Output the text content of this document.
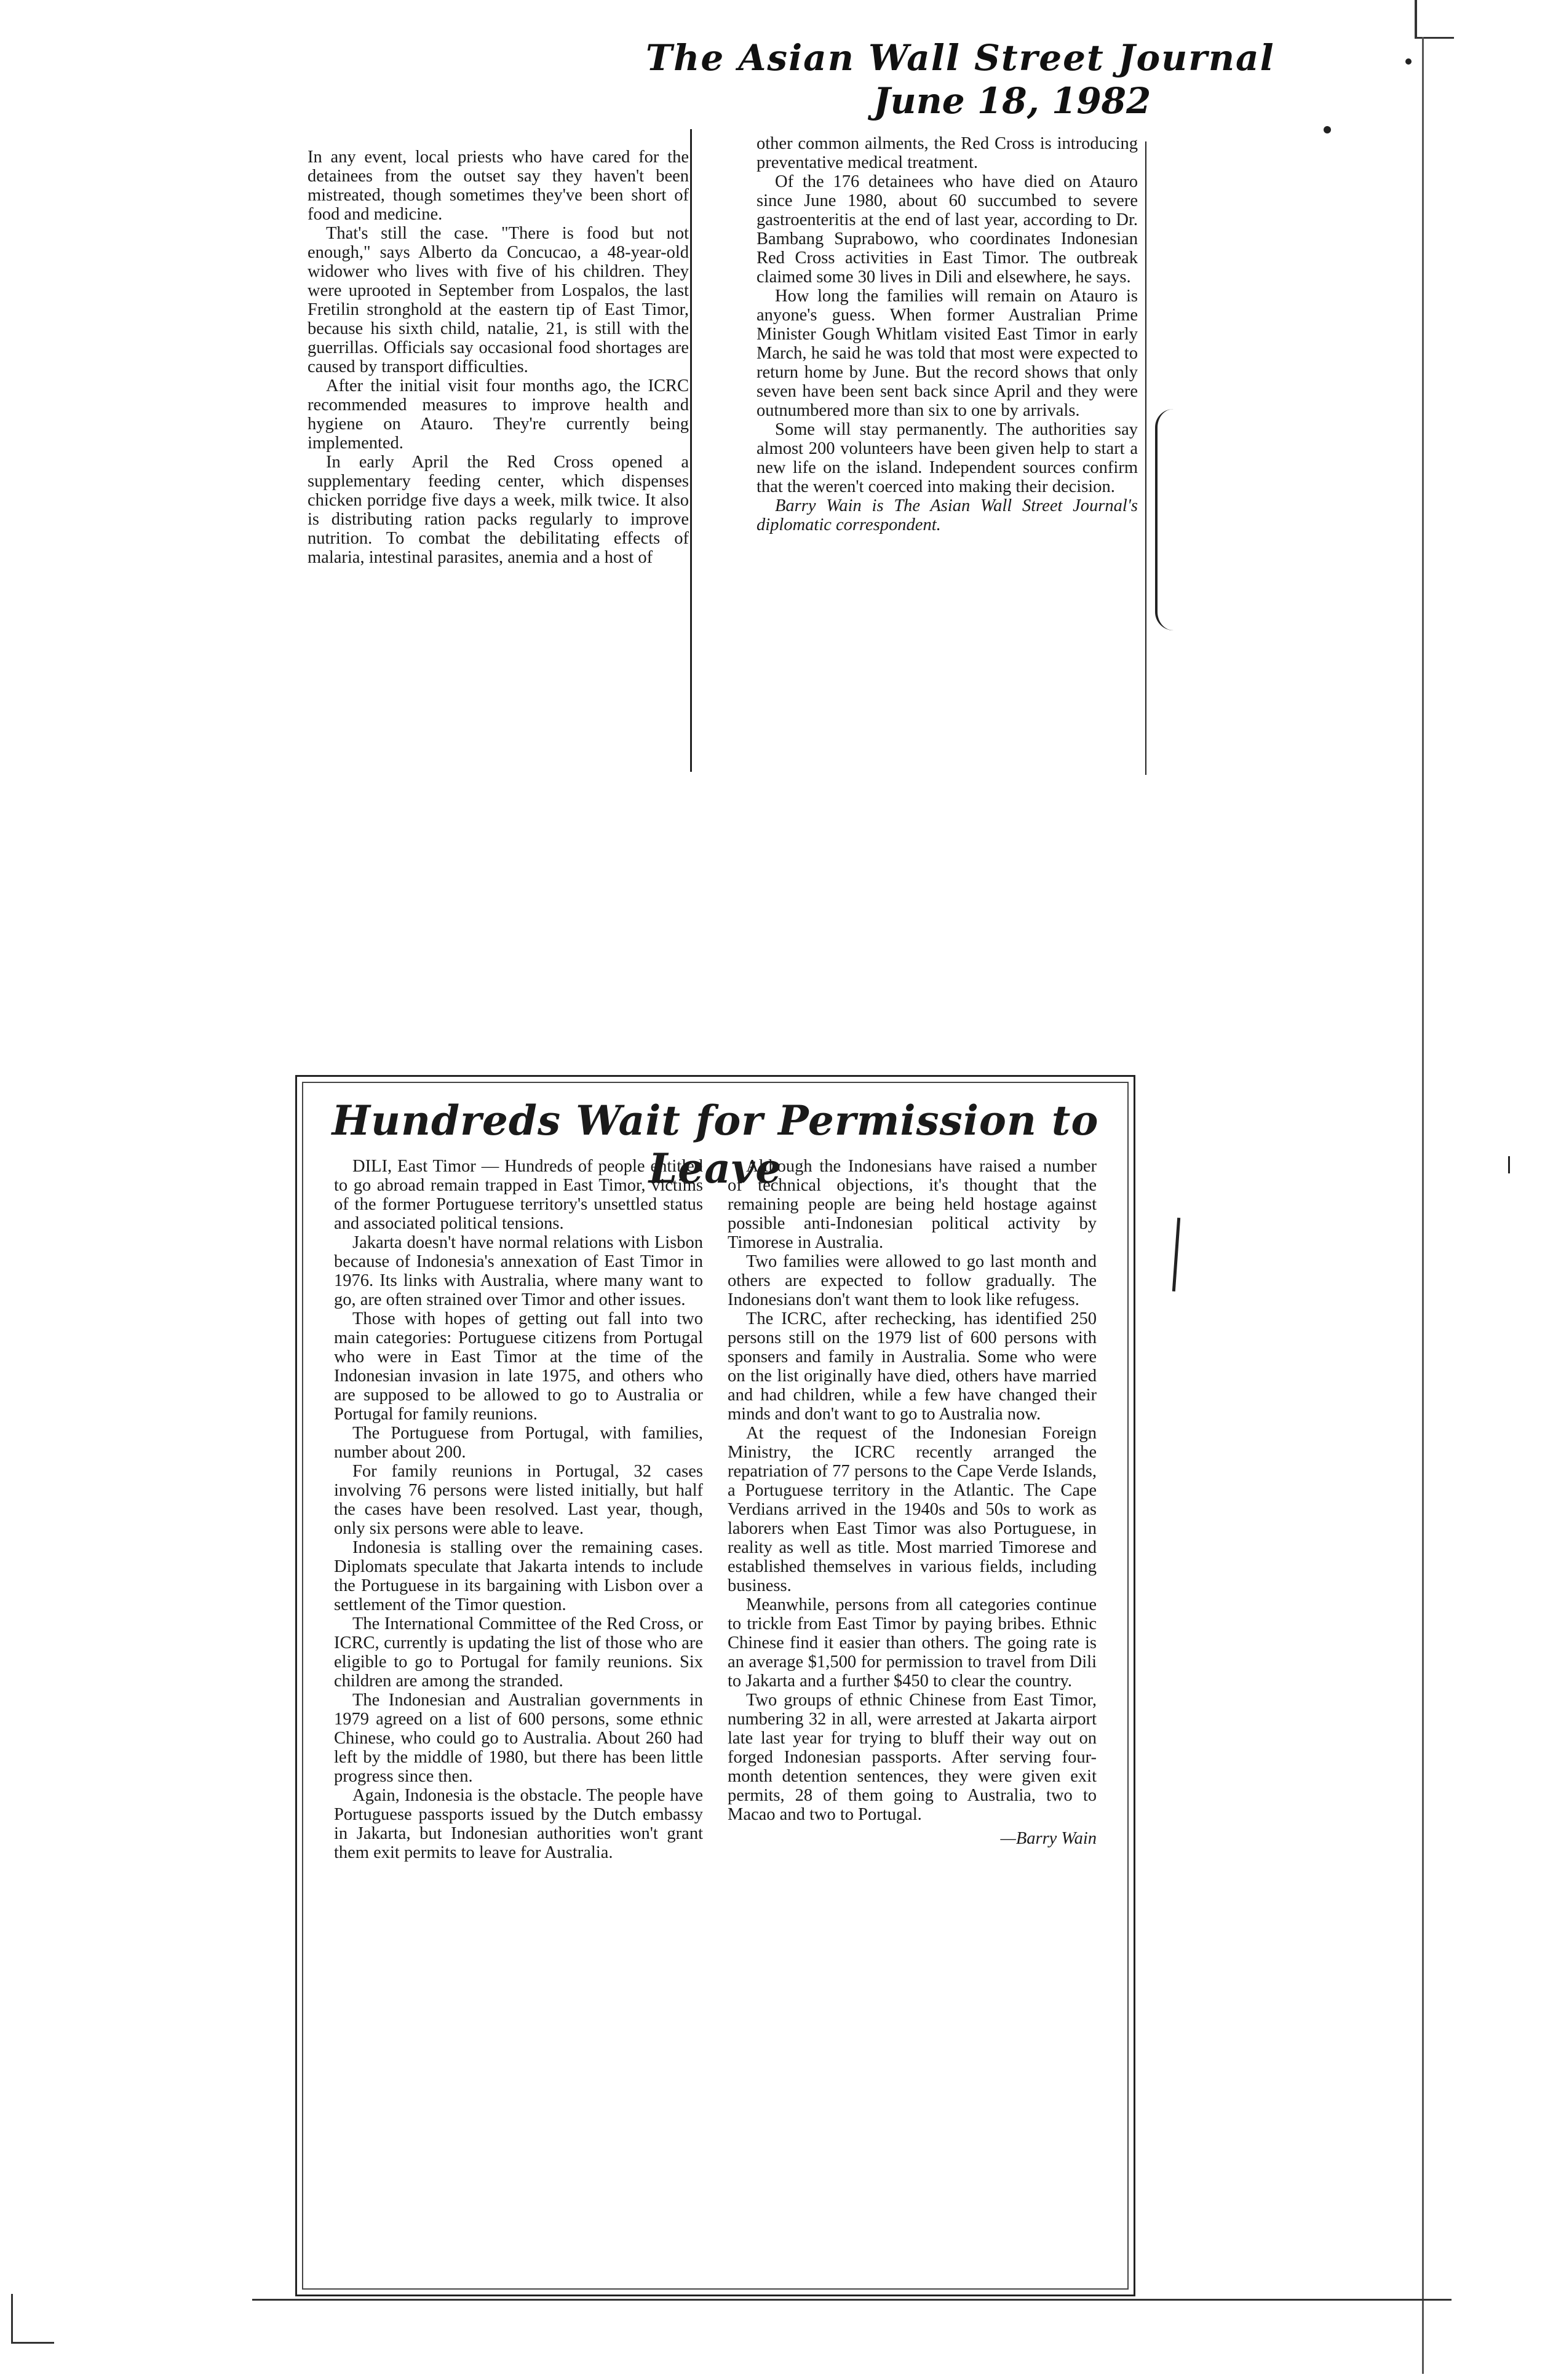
The Asian Wall Street Journal
June 18, 1982

In any event, local priests who have cared for the detainees from the outset say they haven't been mistreated, though sometimes they've been short of food and medicine.

That's still the case. "There is food but not enough," says Alberto da Concucao, a 48-year-old widower who lives with five of his children. They were uprooted in September from Lospalos, the last Fretilin stronghold at the eastern tip of East Timor, because his sixth child, natalie, 21, is still with the guerrillas. Officials say occasional food shortages are caused by transport difficulties.

After the initial visit four months ago, the ICRC recommended measures to improve health and hygiene on Atauro. They're currently being implemented.

In early April the Red Cross opened a supplementary feeding center, which dispenses chicken porridge five days a week, milk twice. It also is distributing ration packs regularly to improve nutrition. To combat the debilitating effects of malaria, intestinal parasites, anemia and a host of

other common ailments, the Red Cross is introducing preventative medical treatment.

Of the 176 detainees who have died on Atauro since June 1980, about 60 succumbed to severe gastroenteritis at the end of last year, according to Dr. Bambang Suprabowo, who coordinates Indonesian Red Cross activities in East Timor. The outbreak claimed some 30 lives in Dili and elsewhere, he says.

How long the families will remain on Atauro is anyone's guess. When former Australian Prime Minister Gough Whitlam visited East Timor in early March, he said he was told that most were expected to return home by June. But the record shows that only seven have been sent back since April and they were outnumbered more than six to one by arrivals.

Some will stay permanently. The authorities say almost 200 volunteers have been given help to start a new life on the island. Independent sources confirm that the weren't coerced into making their decision.

Barry Wain is The Asian Wall Street Journal's diplomatic correspondent.

Hundreds Wait for Permission to Leave

DILI, East Timor — Hundreds of people entitled to go abroad remain trapped in East Timor, victims of the former Portuguese territory's unsettled status and associated political tensions.

Jakarta doesn't have normal relations with Lisbon because of Indonesia's annexation of East Timor in 1976. Its links with Australia, where many want to go, are often strained over Timor and other issues.

Those with hopes of getting out fall into two main categories: Portuguese citizens from Portugal who were in East Timor at the time of the Indonesian invasion in late 1975, and others who are supposed to be allowed to go to Australia or Portugal for family reunions.

The Portuguese from Portugal, with families, number about 200.

For family reunions in Portugal, 32 cases involving 76 persons were listed initially, but half the cases have been resolved. Last year, though, only six persons were able to leave.

Indonesia is stalling over the remaining cases. Diplomats speculate that Jakarta intends to include the Portuguese in its bargaining with Lisbon over a settlement of the Timor question.

The International Committee of the Red Cross, or ICRC, currently is updating the list of those who are eligible to go to Portugal for family reunions. Six children are among the stranded.

The Indonesian and Australian governments in 1979 agreed on a list of 600 persons, some ethnic Chinese, who could go to Australia. About 260 had left by the middle of 1980, but there has been little progress since then.

Again, Indonesia is the obstacle. The people have Portuguese passports issued by the Dutch embassy in Jakarta, but Indonesian authorities won't grant them exit permits to leave for Australia.

Although the Indonesians have raised a number of technical objections, it's thought that the remaining people are being held hostage against possible anti-Indonesian political activity by Timorese in Australia.

Two families were allowed to go last month and others are expected to follow gradually. The Indonesians don't want them to look like refugess.

The ICRC, after rechecking, has identified 250 persons still on the 1979 list of 600 persons with sponsers and family in Australia. Some who were on the list originally have died, others have married and had children, while a few have changed their minds and don't want to go to Australia now.

At the request of the Indonesian Foreign Ministry, the ICRC recently arranged the repatriation of 77 persons to the Cape Verde Islands, a Portuguese territory in the Atlantic. The Cape Verdians arrived in the 1940s and 50s to work as laborers when East Timor was also Portuguese, in reality as well as title. Most married Timorese and established themselves in various fields, including business.

Meanwhile, persons from all categories continue to trickle from East Timor by paying bribes. Ethnic Chinese find it easier than others. The going rate is an average $1,500 for permission to travel from Dili to Jakarta and a further $450 to clear the country.

Two groups of ethnic Chinese from East Timor, numbering 32 in all, were arrested at Jakarta airport late last year for trying to bluff their way out on forged Indonesian passports. After serving four-month detention sentences, they were given exit permits, 28 of them going to Australia, two to Macao and two to Portugal.

—Barry Wain
